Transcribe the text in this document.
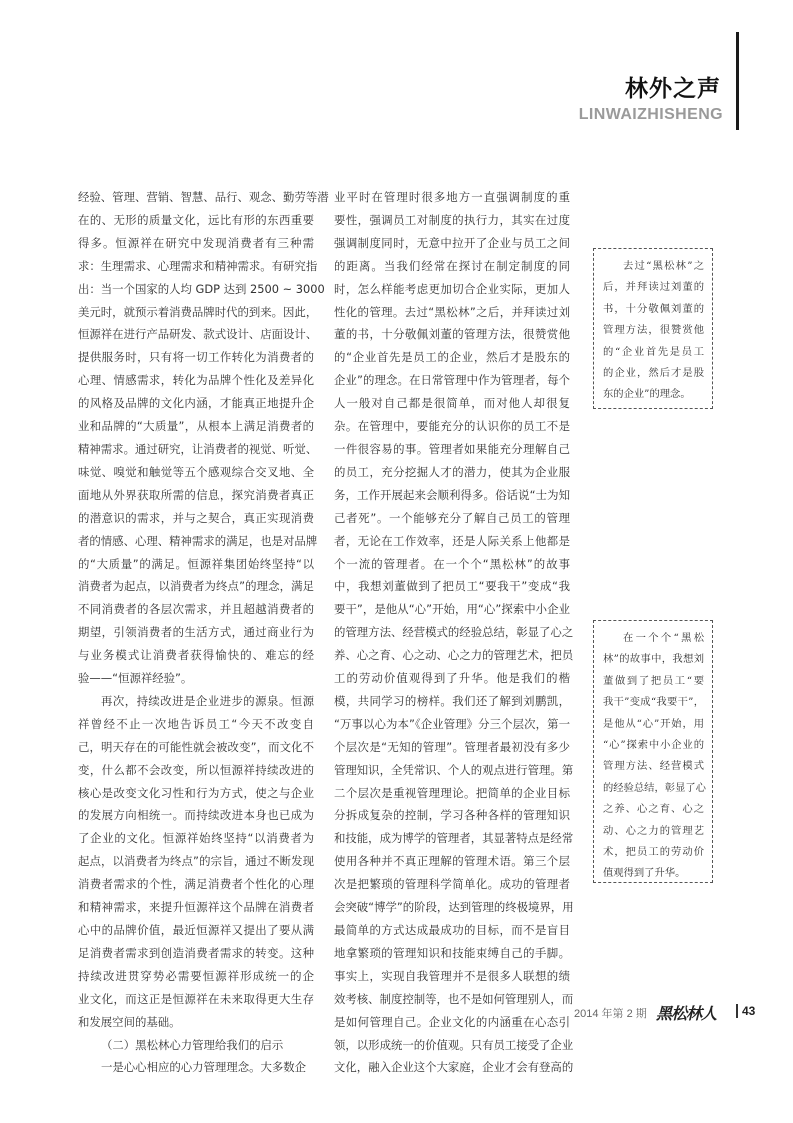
林外之声
LINWAIZHISHENG
经验、管理、营销、智慧、品行、观念、勤劳等潜
在的、无形的质量文化，远比有形的东西重要
得多。恒源祥在研究中发现消费者有三种需
求：生理需求、心理需求和精神需求。有研究指
出：当一个国家的人均 GDP 达到 2500 ~ 3000
美元时，就预示着消费品牌时代的到来。因此，
恒源祥在进行产品研发、款式设计、店面设计、
提供服务时，只有将一切工作转化为消费者的
心理、情感需求，转化为品牌个性化及差异化
的风格及品牌的文化内涵，才能真正地提升企
业和品牌的“大质量”，从根本上满足消费者的
精神需求。通过研究，让消费者的视觉、听觉、
味觉、嗅觉和触觉等五个感观综合交叉地、全
面地从外界获取所需的信息，探究消费者真正
的潜意识的需求，并与之契合，真正实现消费
者的情感、心理、精神需求的满足，也是对品牌
的“大质量”的满足。恒源祥集团始终坚持“以
消费者为起点，以消费者为终点”的理念，满足
不同消费者的各层次需求，并且超越消费者的
期望，引领消费者的生活方式，通过商业行为
与业务模式让消费者获得愉快的、难忘的经
验——“恒源祥经验”。
再次，持续改进是企业进步的源泉。恒源
祥曾经不止一次地告诉员工“今天不改变自
己，明天存在的可能性就会被改变”，而文化不
变，什么都不会改变，所以恒源祥持续改进的
核心是改变文化习性和行为方式，使之与企业
的发展方向相统一。而持续改进本身也已成为
了企业的文化。恒源祥始终坚持“以消费者为
起点，以消费者为终点”的宗旨，通过不断发现
消费者需求的个性，满足消费者个性化的心理
和精神需求，来提升恒源祥这个品牌在消费者
心中的品牌价值，最近恒源祥又提出了要从满
足消费者需求到创造消费者需求的转变。这种
持续改进贯穿势必需要恒源祥形成统一的企
业文化，而这正是恒源祥在未来取得更大生存
和发展空间的基础。
（二）黑松林心力管理给我们的启示
一是心心相应的心力管理理念。大多数企
业平时在管理时很多地方一直强调制度的重
要性，强调员工对制度的执行力，其实在过度
强调制度同时，无意中拉开了企业与员工之间
的距离。当我们经常在探讨在制定制度的同
时，怎么样能考虑更加切合企业实际，更加人
性化的管理。去过“黑松林”之后，并拜读过刘
董的书，十分敬佩刘董的管理方法，很赞赏他
的“企业首先是员工的企业，然后才是股东的
企业”的理念。在日常管理中作为管理者，每个
人一般对自己都是很简单，而对他人却很复
杂。在管理中，要能充分的认识你的员工不是
一件很容易的事。管理者如果能充分理解自己
的员工，充分挖掘人才的潜力，使其为企业服
务，工作开展起来会顺利得多。俗话说“士为知
己者死”。一个能够充分了解自己员工的管理
者，无论在工作效率，还是人际关系上他都是
个一流的管理者。在一个个“黑松林”的故事
中，我想刘董做到了把员工“要我干”变成“我
要干”，是他从“心”开始，用“心”探索中小企业
的管理方法、经营模式的经验总结，彰显了心之
养、心之育、心之动、心之力的管理艺术，把员
工的劳动价值观得到了升华。他是我们的楷
模，共同学习的榜样。我们还了解到刘鹏凯，
“万事以心为本”《企业管理》分三个层次，第一
个层次是“无知的管理”。管理者最初没有多少
管理知识，全凭常识、个人的观点进行管理。第
二个层次是重视管理理论。把简单的企业目标
分拆成复杂的控制，学习各种各样的管理知识
和技能，成为博学的管理者，其显著特点是经常
使用各种并不真正理解的管理术语。第三个层
次是把繁琐的管理科学简单化。成功的管理者
会突破“博学”的阶段，达到管理的终极境界，用
最简单的方式达成最成功的目标，而不是盲目
地拿繁琐的管理知识和技能束缚自己的手脚。
事实上，实现自我管理并不是很多人联想的绩
效考核、制度控制等，也不是如何管理别人，而
是如何管理自己。企业文化的内涵重在心态引
领，以形成统一的价值观。只有员工接受了企业
文化，融入企业这个大家庭，企业才会有登高的
去过“黑松林”之
后，并拜读过刘董的
书，十分敬佩刘董的
管理方法，很赞赏他
的“企业首先是员工
的企业，然后才是股
东的企业”的理念。
在一个个“黑松
林”的故事中，我想刘
董做到了把员工“要
我干”变成“我要干”，
是他从“心”开始，用
“心”探索中小企业的
管理方法、经营模式
的经验总结，彰显了心
之养、心之育、心之
动、心之力的管理艺
术，把员工的劳动价
值观得到了升华。
2014 年第 2 期 黑松林人	43
